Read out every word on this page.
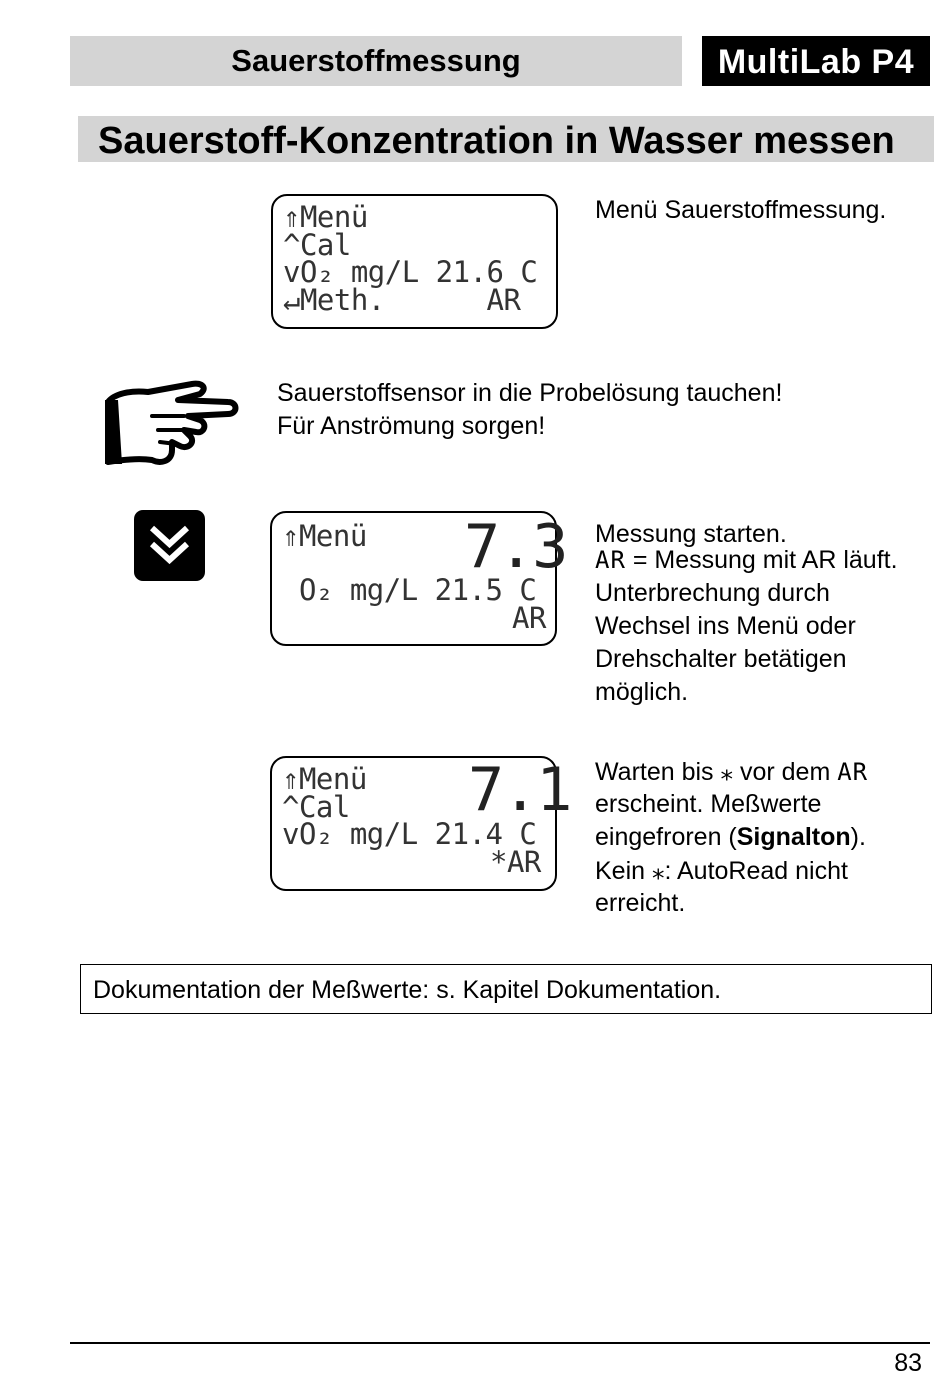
Sauerstoffmessung	MultiLab P4
Sauerstoff-Konzentration in Wasser messen
⇑Menü
^Cal
vO₂ mg/L 21.6 C
↵Meth.      AR
Menü Sauerstoffmessung.
Sauerstoffsensor in die Probelösung tauchen!
Für Anströmung sorgen!
⇑Menü 7.3
O₂ mg/L 21.5 C
AR
Messung starten.
AR = Messung mit AR läuft.
Unterbrechung durch
Wechsel ins Menü oder
Drehschalter betätigen
möglich.
⇑Menü 7.1
^Cal
vO₂ mg/L 21.4 C
*AR
Warten bis ⁎ vor dem AR
erscheint. Meßwerte
eingefroren (Signalton).
Kein ⁎: AutoRead nicht
erreicht.
Dokumentation der Meßwerte: s. Kapitel Dokumentation.
83
